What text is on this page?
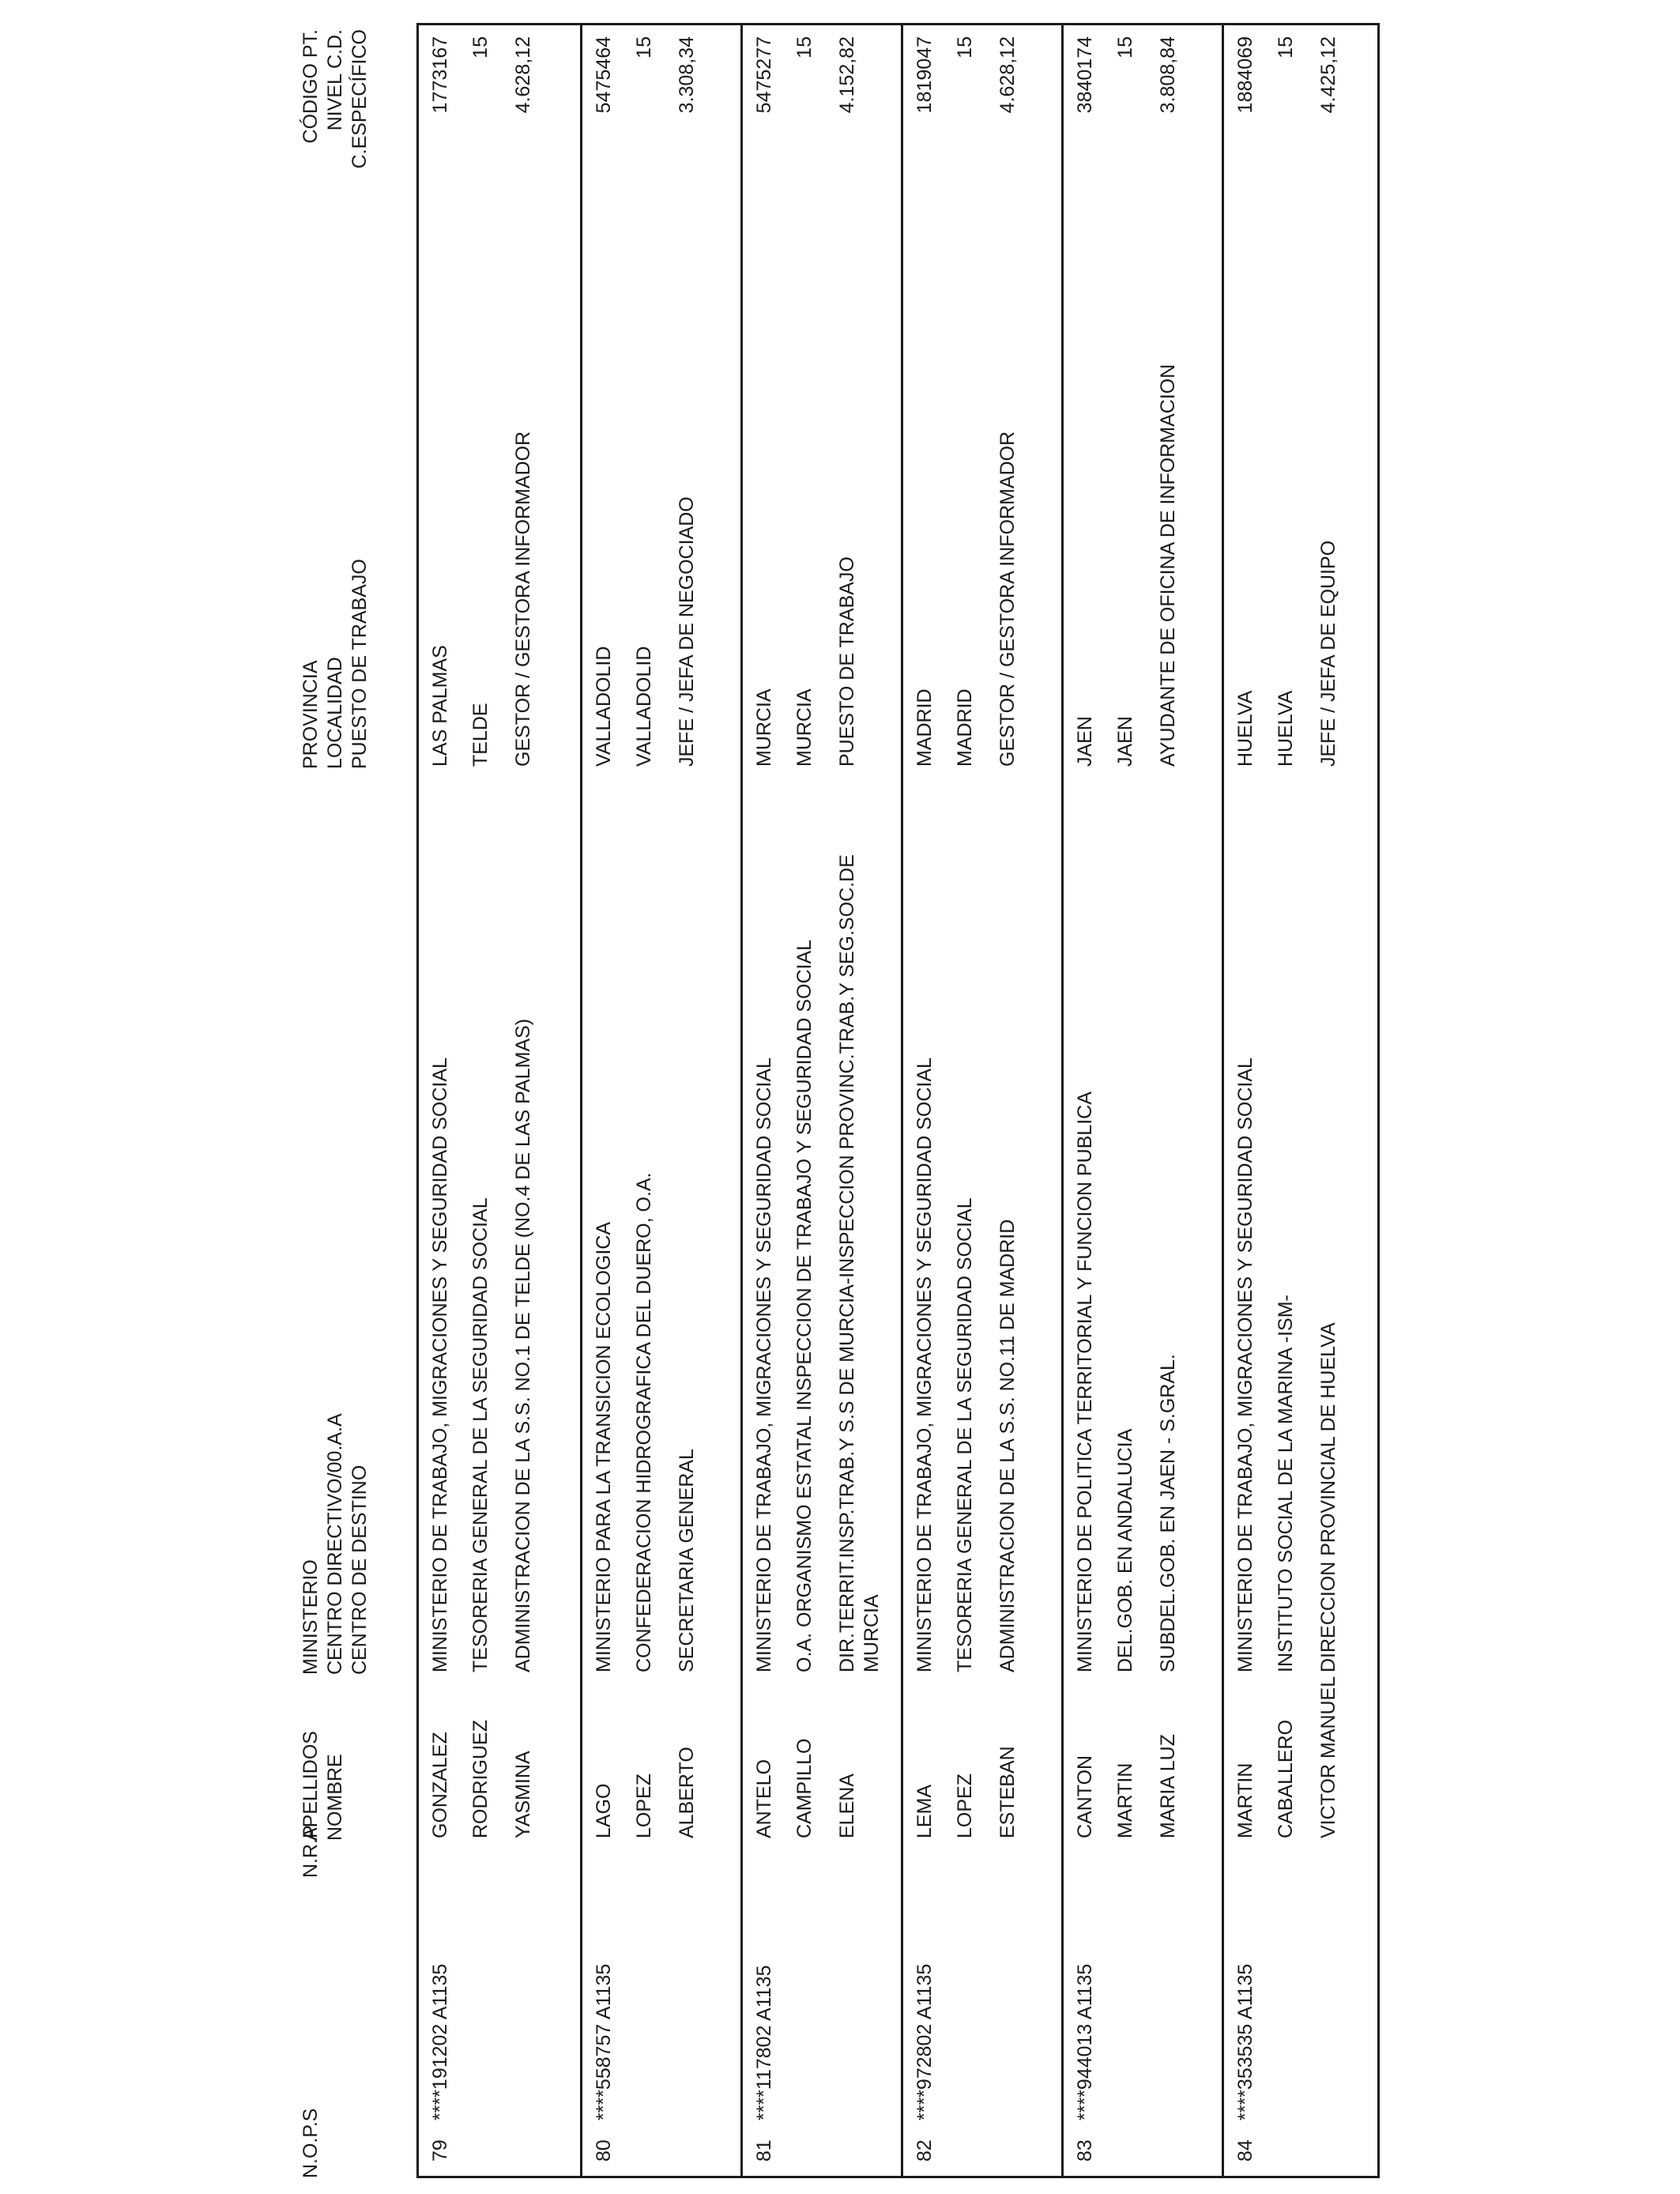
N.O.P.S
N.R.P
APELLIDOS NOMBRE
MINISTERIO CENTRO DIRECTIVO/00.A.A CENTRO DE DESTINO
PROVINCIA LOCALIDAD PUESTO DE TRABAJO
CÓDIGO PT. NIVEL C.D. C.ESPECÍFICO
79
****191202 A1135
GONZALEZ RODRIGUEZ YASMINA
MINISTERIO DE TRABAJO, MIGRACIONES Y SEGURIDAD SOCIAL TESORERIA GENERAL DE LA SEGURIDAD SOCIAL ADMINISTRACION DE LA S.S. NO.1 DE TELDE (NO.4 DE LAS PALMAS)
LAS PALMAS TELDE GESTOR / GESTORA INFORMADOR
1773167 15 4.628,12
80
****558757 A1135
LAGO LOPEZ ALBERTO
MINISTERIO PARA LA TRANSICION ECOLOGICA CONFEDERACION HIDROGRAFICA DEL DUERO, O.A. SECRETARIA GENERAL
VALLADOLID VALLADOLID JEFE / JEFA DE NEGOCIADO
5475464 15 3.308,34
81
****117802 A1135
ANTELO CAMPILLO ELENA
MINISTERIO DE TRABAJO, MIGRACIONES Y SEGURIDAD SOCIAL O.A. ORGANISMO ESTATAL INSPECCION DE TRABAJO Y SEGURIDAD SOCIAL DIR.TERRIT.INSP.TRAB.Y S.S DE MURCIA-INSPECCION PROVINC.TRAB.Y SEG.SOC.DE MURCIA
MURCIA MURCIA PUESTO DE TRABAJO
5475277 15 4.152,82
82
****972802 A1135
LEMA LOPEZ ESTEBAN
MINISTERIO DE TRABAJO, MIGRACIONES Y SEGURIDAD SOCIAL TESORERIA GENERAL DE LA SEGURIDAD SOCIAL ADMINISTRACION DE LA S.S. NO.11 DE MADRID
MADRID MADRID GESTOR / GESTORA INFORMADOR
1819047 15 4.628,12
83
****944013 A1135
CANTON MARTIN MARIA LUZ
MINISTERIO DE POLITICA TERRITORIAL Y FUNCION PUBLICA DEL.GOB. EN ANDALUCIA SUBDEL.GOB. EN JAEN - S.GRAL.
JAEN JAEN AYUDANTE DE OFICINA DE INFORMACION
3840174 15 3.808,84
84
****353535 A1135
MARTIN CABALLERO VICTOR MANUEL
MINISTERIO DE TRABAJO, MIGRACIONES Y SEGURIDAD SOCIAL INSTITUTO SOCIAL DE LA MARINA -ISM- DIRECCION PROVINCIAL DE HUELVA
HUELVA HUELVA JEFE / JEFA DE EQUIPO
1884069 15 4.425,12
